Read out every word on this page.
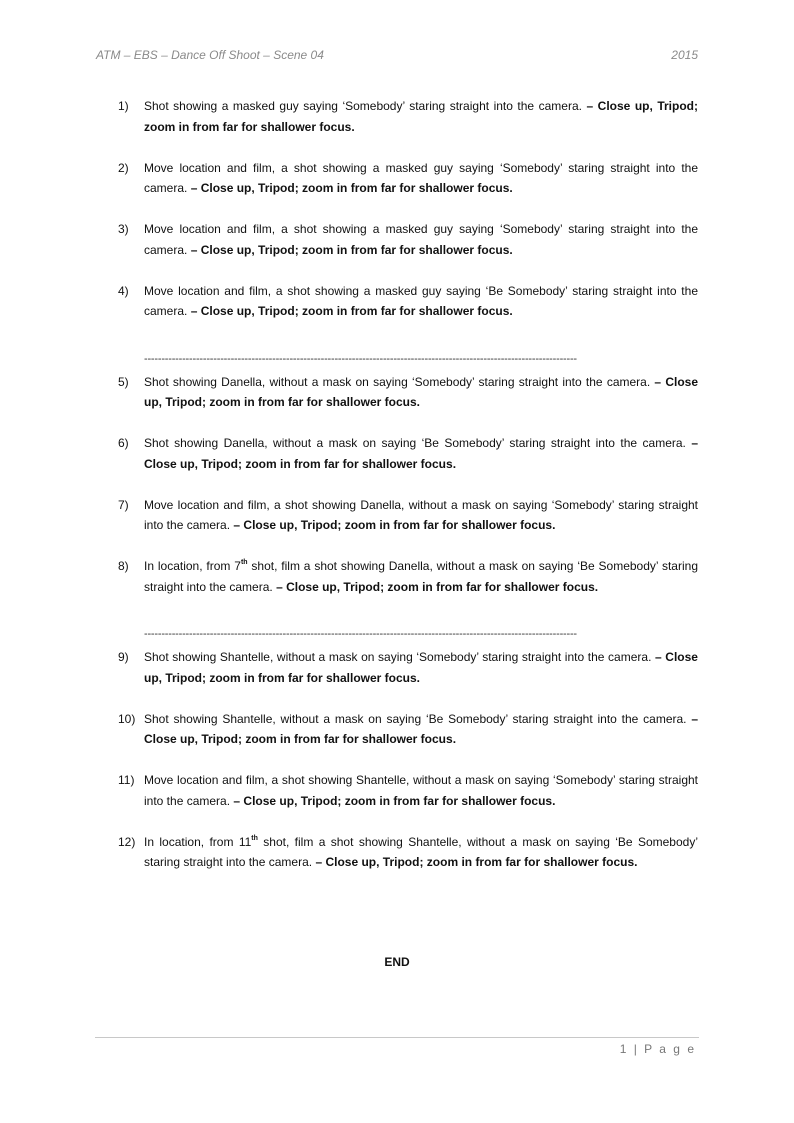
ATM – EBS – Dance Off Shoot – Scene 04	2015
1)	Shot showing a masked guy saying ‘Somebody’ staring straight into the camera. – Close up, Tripod; zoom in from far for shallower focus.
2)	Move location and film, a shot showing a masked guy saying ‘Somebody’ staring straight into the camera. – Close up, Tripod; zoom in from far for shallower focus.
3)	Move location and film, a shot showing a masked guy saying ‘Somebody’ staring straight into the camera. – Close up, Tripod; zoom in from far for shallower focus.
4)	Move location and film, a shot showing a masked guy saying ‘Be Somebody’ staring straight into the camera. – Close up, Tripod; zoom in from far for shallower focus.
-----------------------------------------------------------------------------------------------------------------------------
5)	Shot showing Danella, without a mask on saying ‘Somebody’ staring straight into the camera. – Close up, Tripod; zoom in from far for shallower focus.
6)	Shot showing Danella, without a mask on saying ‘Be Somebody’ staring straight into the camera. – Close up, Tripod; zoom in from far for shallower focus.
7)	Move location and film, a shot showing Danella, without a mask on saying ‘Somebody’ staring straight into the camera. – Close up, Tripod; zoom in from far for shallower focus.
8)	In location, from 7th shot, film a shot showing Danella, without a mask on saying ‘Be Somebody’ staring straight into the camera. – Close up, Tripod; zoom in from far for shallower focus.
-----------------------------------------------------------------------------------------------------------------------------
9)	Shot showing Shantelle, without a mask on saying ‘Somebody’ staring straight into the camera. – Close up, Tripod; zoom in from far for shallower focus.
10) Shot showing Shantelle, without a mask on saying ‘Be Somebody’ staring straight into the camera. – Close up, Tripod; zoom in from far for shallower focus.
11) Move location and film, a shot showing Shantelle, without a mask on saying ‘Somebody’ staring straight into the camera. – Close up, Tripod; zoom in from far for shallower focus.
12) In location, from 11th shot, film a shot showing Shantelle, without a mask on saying ‘Be Somebody’ staring straight into the camera. – Close up, Tripod; zoom in from far for shallower focus.
END
1 | P a g e
